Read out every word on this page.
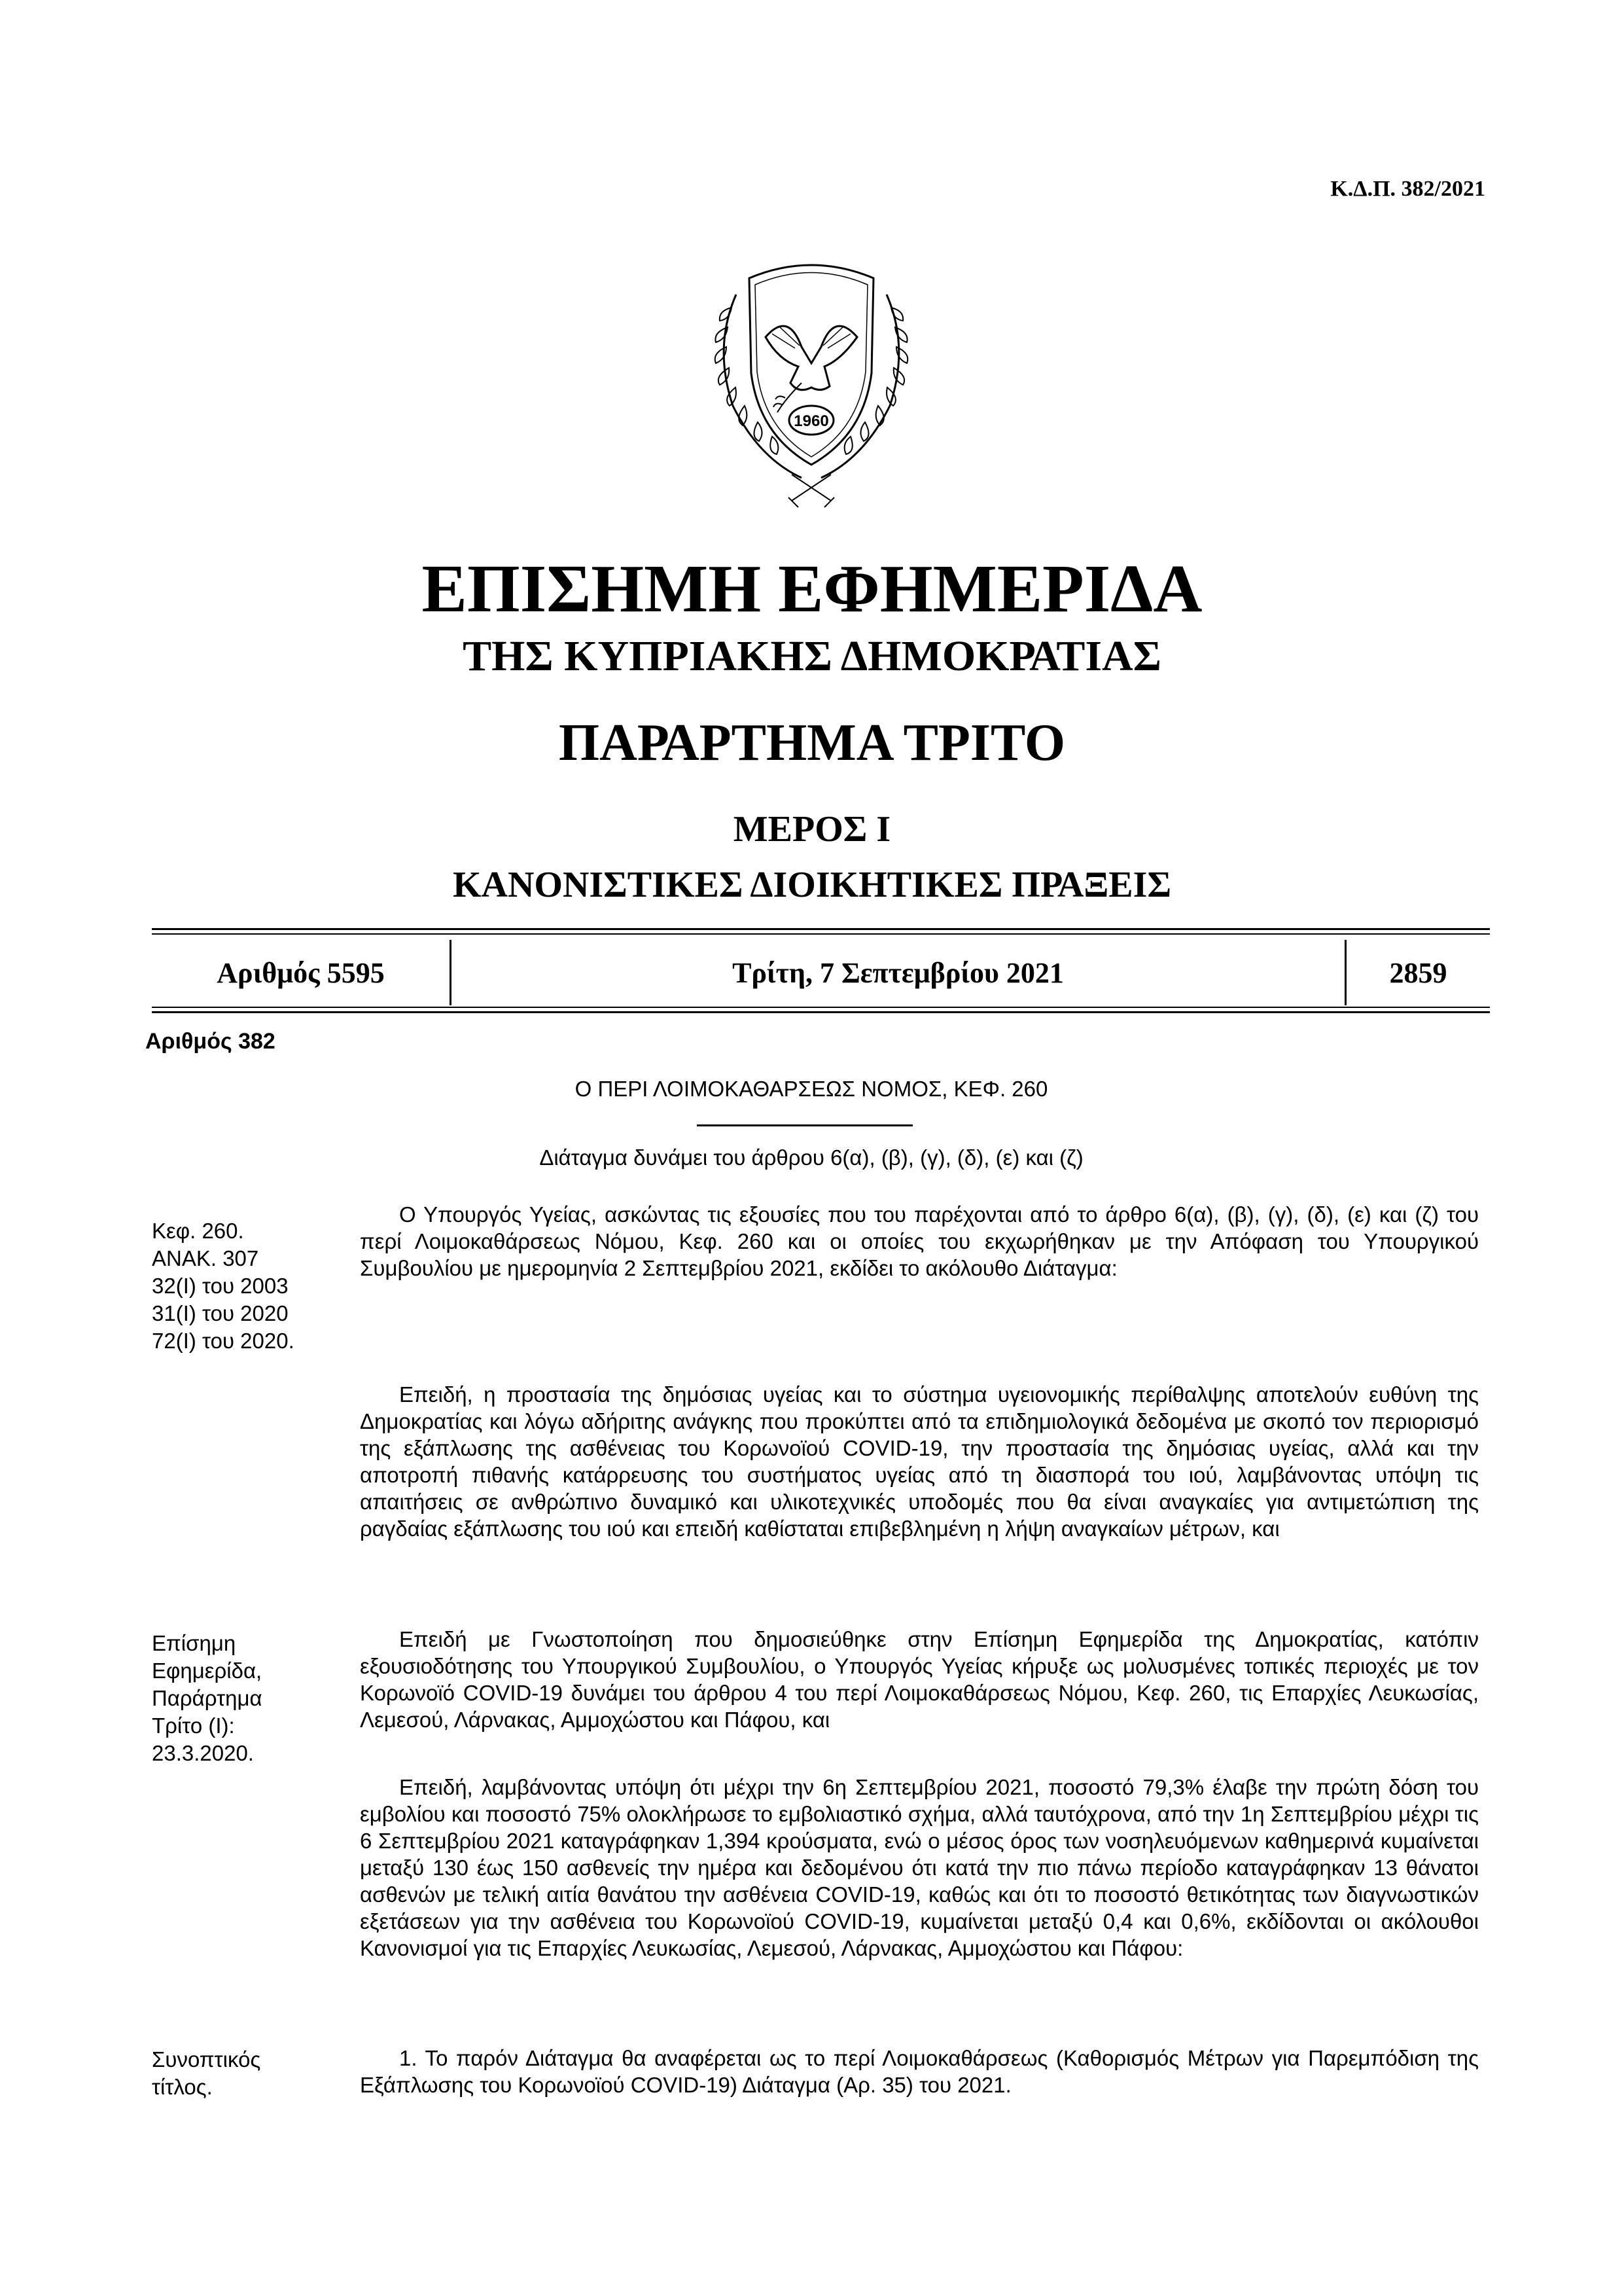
Κ.Δ.Π. 382/2021
1960
ΕΠΙΣΗΜΗ ΕΦΗΜΕΡΙΔΑ
ΤΗΣ ΚΥΠΡΙΑΚΗΣ ΔΗΜΟΚΡΑΤΙΑΣ
ΠΑΡΑΡΤΗΜΑ ΤΡΙΤΟ
ΜΕΡΟΣ Ι
ΚΑΝΟΝΙΣΤΙΚΕΣ ΔΙΟΙΚΗΤΙΚΕΣ ΠΡΑΞΕΙΣ
Αριθμός 5595	Τρίτη, 7 Σεπτεμβρίου 2021	2859
Αριθμός 382
Ο ΠΕΡΙ ΛΟΙΜΟΚΑΘΑΡΣΕΩΣ ΝΟΜΟΣ, ΚΕΦ. 260
Διάταγμα δυνάμει του άρθρου 6(α), (β), (γ), (δ), (ε) και (ζ)
Κεφ. 260.
ΑΝΑΚ. 307
32(I) του 2003
31(I) του 2020
72(I) του 2020.

Ο Υπουργός Υγείας, ασκώντας τις εξουσίες που του παρέχονται από το άρθρο 6(α), (β), (γ), (δ), (ε) και (ζ) του περί Λοιμοκαθάρσεως Νόμου, Κεφ. 260 και οι οποίες του εκχωρήθηκαν με την Απόφαση του Υπουργικού Συμβουλίου με ημερομηνία 2 Σεπτεμβρίου 2021, εκδίδει το ακόλουθο Διάταγμα:

Επειδή, η προστασία της δημόσιας υγείας και το σύστημα υγειονομικής περίθαλψης αποτελούν ευθύνη της Δημοκρατίας και λόγω αδήριτης ανάγκης που προκύπτει από τα επιδημιολογικά δεδομένα με σκοπό τον περιορισμό της εξάπλωσης της ασθένειας του Κορωνοϊού COVID-19, την προστασία της δημόσιας υγείας, αλλά και την αποτροπή πιθανής κατάρρευσης του συστήματος υγείας από τη διασπορά του ιού, λαμβάνοντας υπόψη τις απαιτήσεις σε ανθρώπινο δυναμικό και υλικοτεχνικές υποδομές που θα είναι αναγκαίες για αντιμετώπιση της ραγδαίας εξάπλωσης του ιού και επειδή καθίσταται επιβεβλημένη η λήψη αναγκαίων μέτρων, και

Επίσημη
Εφημερίδα,
Παράρτημα
Τρίτο (I):
23.3.2020.

Επειδή με Γνωστοποίηση που δημοσιεύθηκε στην Επίσημη Εφημερίδα της Δημοκρατίας, κατόπιν εξουσιοδότησης του Υπουργικού Συμβουλίου, ο Υπουργός Υγείας κήρυξε ως μολυσμένες τοπικές περιοχές με τον Κορωνοϊό COVID-19 δυνάμει του άρθρου 4 του περί Λοιμοκαθάρσεως Νόμου, Κεφ. 260, τις Επαρχίες Λευκωσίας, Λεμεσού, Λάρνακας, Αμμοχώστου και Πάφου, και

Επειδή, λαμβάνοντας υπόψη ότι μέχρι την 6η Σεπτεμβρίου 2021, ποσοστό 79,3% έλαβε την πρώτη δόση του εμβολίου και ποσοστό 75% ολοκλήρωσε το εμβολιαστικό σχήμα, αλλά ταυτόχρονα, από την 1η Σεπτεμβρίου μέχρι τις 6 Σεπτεμβρίου 2021 καταγράφηκαν 1,394 κρούσματα, ενώ ο μέσος όρος των νοσηλευόμενων καθημερινά κυμαίνεται μεταξύ 130 έως 150 ασθενείς την ημέρα και δεδομένου ότι κατά την πιο πάνω περίοδο καταγράφηκαν 13 θάνατοι ασθενών με τελική αιτία θανάτου την ασθένεια COVID-19, καθώς και ότι το ποσοστό θετικότητας των διαγνωστικών εξετάσεων για την ασθένεια του Κορωνοϊού COVID-19, κυμαίνεται μεταξύ 0,4 και 0,6%, εκδίδονται οι ακόλουθοι Κανονισμοί για τις Επαρχίες Λευκωσίας, Λεμεσού, Λάρνακας, Αμμοχώστου και Πάφου:

Συνοπτικός
τίτλος.

1. Το παρόν Διάταγμα θα αναφέρεται ως το περί Λοιμοκαθάρσεως (Καθορισμός Μέτρων για Παρεμπόδιση της Εξάπλωσης του Κορωνοϊού COVID-19) Διάταγμα (Αρ. 35) του 2021.
